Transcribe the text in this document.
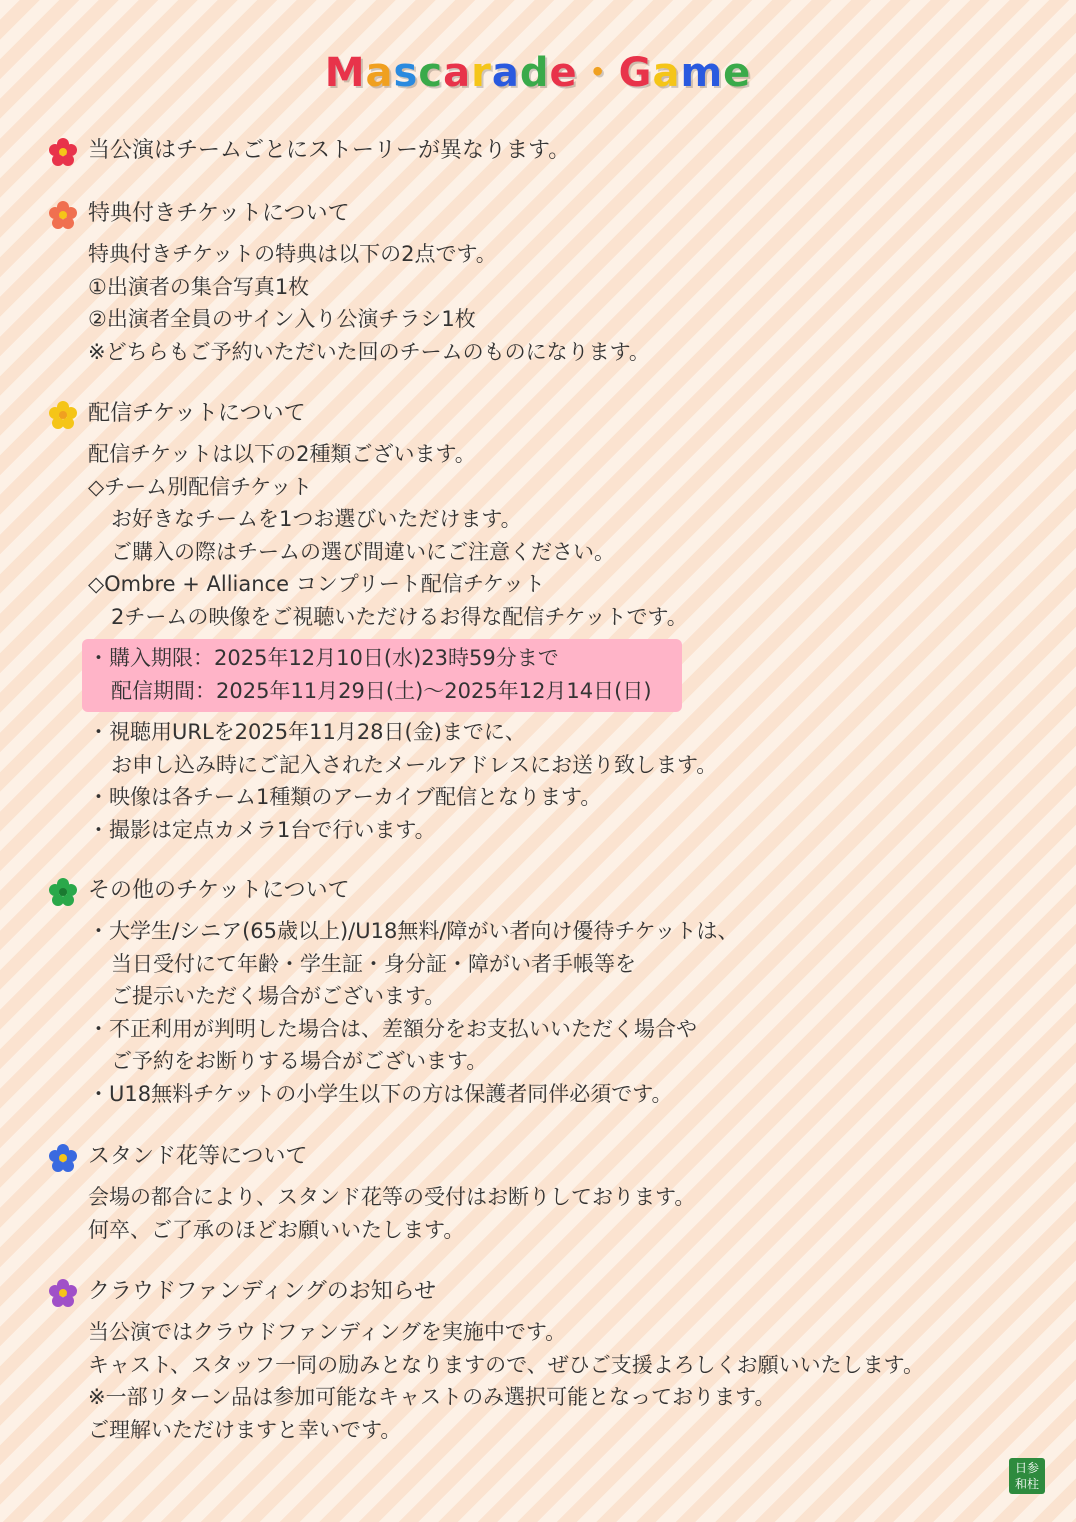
Mascarade・Game
当公演はチームごとにストーリーが異なります。
特典付きチケットについて
特典付きチケットの特典は以下の2点です。
①出演者の集合写真1枚
②出演者全員のサイン入り公演チラシ1枚
※どちらもご予約いただいた回のチームのものになります。
配信チケットについて
配信チケットは以下の2種類ございます。
◇チーム別配信チケット
お好きなチームを1つお選びいただけます。
ご購入の際はチームの選び間違いにご注意ください。
◇Ombre + Alliance コンプリート配信チケット
2チームの映像をご視聴いただけるお得な配信チケットです。
・購入期限：2025年12月10日(水)23時59分まで
配信期間：2025年11月29日(土)〜2025年12月14日(日)
・視聴用URLを2025年11月28日(金)までに、
お申し込み時にご記入されたメールアドレスにお送り致します。
・映像は各チーム1種類のアーカイブ配信となります。
・撮影は定点カメラ1台で行います。
その他のチケットについて
・大学生/シニア(65歳以上)/U18無料/障がい者向け優待チケットは、
当日受付にて年齢・学生証・身分証・障がい者手帳等を
ご提示いただく場合がございます。
・不正利用が判明した場合は、差額分をお支払いいただく場合や
ご予約をお断りする場合がございます。
・U18無料チケットの小学生以下の方は保護者同伴必須です。
スタンド花等について
会場の都合により、スタンド花等の受付はお断りしております。
何卒、ご了承のほどお願いいたします。
クラウドファンディングのお知らせ
当公演ではクラウドファンディングを実施中です。
キャスト、スタッフ一同の励みとなりますので、ぜひご支援よろしくお願いいたします。
※一部リターン品は参加可能なキャストのみ選択可能となっております。
ご理解いただけますと幸いです。
日参
和柱
